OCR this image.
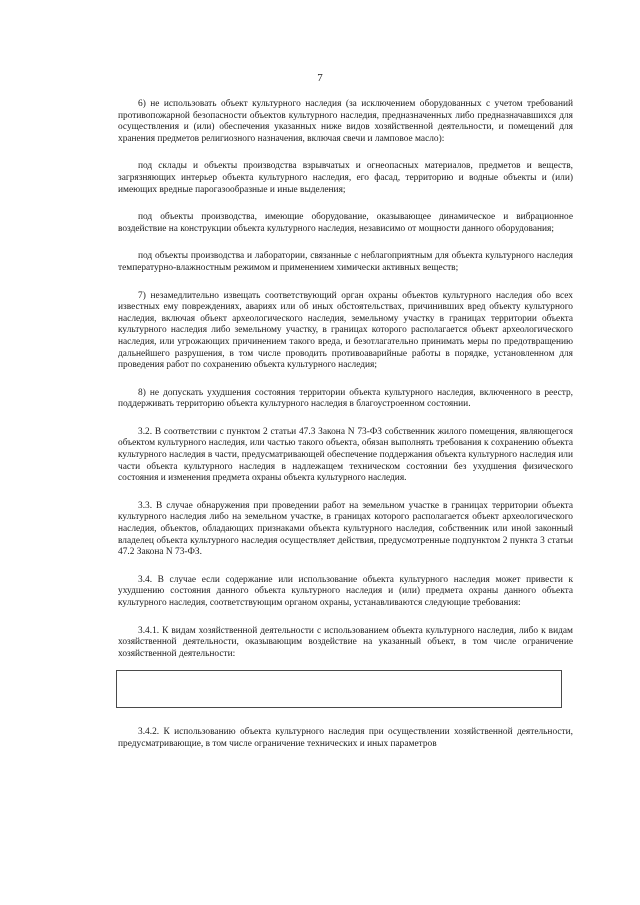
7

6) не использовать объект культурного наследия (за исключением оборудованных с учетом требований противопожарной безопасности объектов культурного наследия, предназначенных либо предназначавшихся для осуществления и (или) обеспечения указанных ниже видов хозяйственной деятельности, и помещений для хранения предметов религиозного назначения, включая свечи и ламповое масло):

под склады и объекты производства взрывчатых и огнеопасных материалов, предметов и веществ, загрязняющих интерьер объекта культурного наследия, его фасад, территорию и водные объекты и (или) имеющих вредные парогазообразные и иные выделения;

под объекты производства, имеющие оборудование, оказывающее динамическое и вибрационное воздействие на конструкции объекта культурного наследия, независимо от мощности данного оборудования;

под объекты производства и лаборатории, связанные с неблагоприятным для объекта культурного наследия температурно-влажностным режимом и применением химически активных веществ;

7) незамедлительно извещать соответствующий орган охраны объектов культурного наследия обо всех известных ему повреждениях, авариях или об иных обстоятельствах, причинивших вред объекту культурного наследия, включая объект археологического наследия, земельному участку в границах территории объекта культурного наследия либо земельному участку, в границах которого располагается объект археологического наследия, или угрожающих причинением такого вреда, и безотлагательно принимать меры по предотвращению дальнейшего разрушения, в том числе проводить противоаварийные работы в порядке, установленном для проведения работ по сохранению объекта культурного наследия;

8) не допускать ухудшения состояния территории объекта культурного наследия, включенного в реестр, поддерживать территорию объекта культурного наследия в благоустроенном состоянии.

3.2. В соответствии с пунктом 2 статьи 47.3 Закона N 73-ФЗ собственник жилого помещения, являющегося объектом культурного наследия, или частью такого объекта, обязан выполнять требования к сохранению объекта культурного наследия в части, предусматривающей обеспечение поддержания объекта культурного наследия или части объекта культурного наследия в надлежащем техническом состоянии без ухудшения физического состояния и изменения предмета охраны объекта культурного наследия.

3.3. В случае обнаружения при проведении работ на земельном участке в границах территории объекта культурного наследия либо на земельном участке, в границах которого располагается объект археологического наследия, объектов, обладающих признаками объекта культурного наследия, собственник или иной законный владелец объекта культурного наследия осуществляет действия, предусмотренные подпунктом 2 пункта 3 статьи 47.2 Закона N 73-ФЗ.

3.4. В случае если содержание или использование объекта культурного наследия может привести к ухудшению состояния данного объекта культурного наследия и (или) предмета охраны данного объекта культурного наследия, соответствующим органом охраны, устанавливаются следующие требования:

3.4.1. К видам хозяйственной деятельности с использованием объекта культурного наследия, либо к видам хозяйственной деятельности, оказывающим воздействие на указанный объект, в том числе ограничение хозяйственной деятельности:

3.4.2. К использованию объекта культурного наследия при осуществлении хозяйственной деятельности, предусматривающие, в том числе ограничение технических и иных параметров
